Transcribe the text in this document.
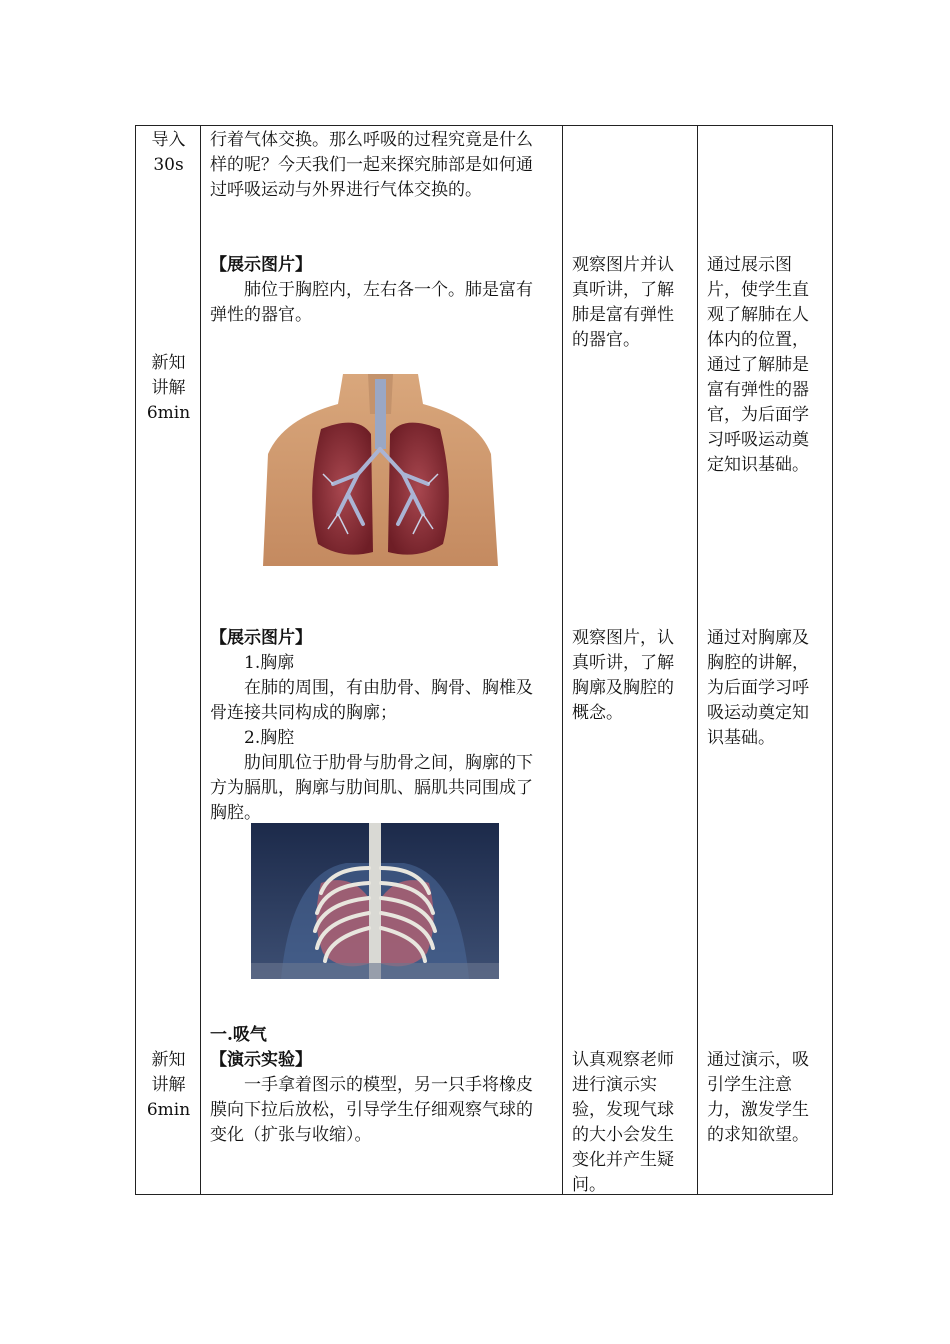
导入
30s
新知
讲解
6min
新知
讲解
6min

行着气体交换。那么呼吸的过程究竟是什么样的呢？今天我们一起来探究肺部是如何通过呼吸运动与外界进行气体交换的。

【展示图片】

肺位于胸腔内，左右各一个。肺是富有弹性的器官。

【展示图片】

1.胸廓

在肺的周围，有由肋骨、胸骨、胸椎及骨连接共同构成的胸廓；

2.胸腔

肋间肌位于肋骨与肋骨之间，胸廓的下方为膈肌，胸廓与肋间肌、膈肌共同围成了胸腔。

一.吸气

【演示实验】

一手拿着图示的模型，另一只手将橡皮膜向下拉后放松，引导学生仔细观察气球的变化（扩张与收缩）。

观察图片并认真听讲，了解肺是富有弹性的器官。

观察图片，认真听讲，了解胸廓及胸腔的概念。

认真观察老师进行演示实验，发现气球的大小会发生变化并产生疑问。

通过展示图片，使学生直观了解肺在人体内的位置，通过了解肺是富有弹性的器官，为后面学习呼吸运动奠定知识基础。

通过对胸廓及胸腔的讲解，为后面学习呼吸运动奠定知识基础。

通过演示，吸引学生注意力，激发学生的求知欲望。
